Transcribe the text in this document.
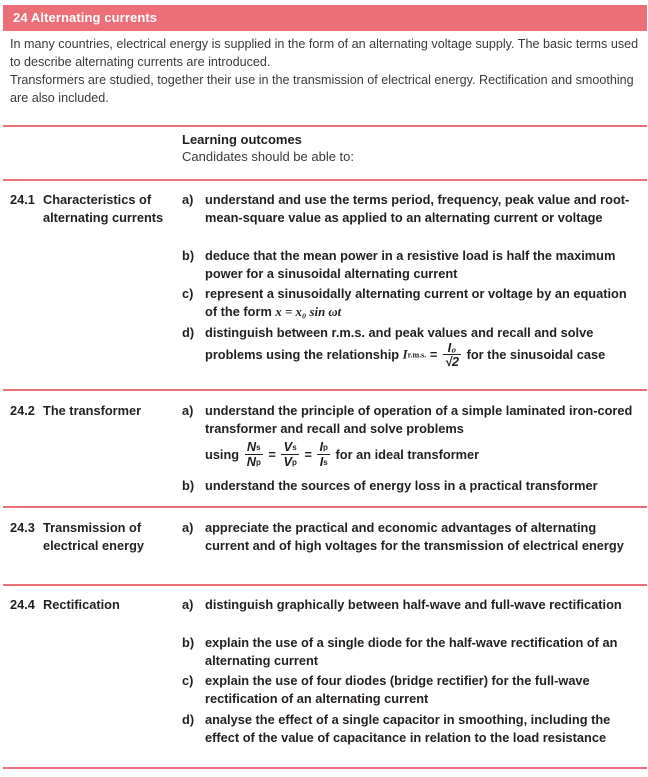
24 Alternating currents

In many countries, electrical energy is supplied in the form of an alternating voltage supply. The basic terms used to describe alternating currents are introduced.

Transformers are studied, together their use in the transmission of electrical energy. Rectification and smoothing are also included.

Learning outcomes
Candidates should be able to:
24.1 Characteristics of alternating currents
a) understand and use the terms period, frequency, peak value and root-mean-square value as applied to an alternating current or voltage
b) deduce that the mean power in a resistive load is half the maximum power for a sinusoidal alternating current
c) represent a sinusoidally alternating current or voltage by an equation of the form x = x₀ sin ωt
d) distinguish between r.m.s. and peak values and recall and solve
problems using the relationship Ir.m.s. = $\frac{\text{I₀}}{√2}$ for the sinusoidal case
24.2 The transformer	a) understand the principle of operation of a simple laminated iron-cored transformer and recall and solve problems
using $\frac{Ns}{Np} = \frac{Vs}{Vp} = \frac{Ip}{Is}$ for an ideal transformer
b) understand the sources of energy loss in a practical transformer
24.3 Transmission of electrical energy
a) appreciate the practical and economic advantages of alternating current and of high voltages for the transmission of electrical energy
24.4 Rectification	a) distinguish graphically between half-wave and full-wave rectification
b) explain the use of a single diode for the half-wave rectification of an alternating current
c) explain the use of four diodes (bridge rectifier) for the full-wave rectification of an alternating current
d) analyse the effect of a single capacitor in smoothing, including the effect of the value of capacitance in relation to the load resistance
